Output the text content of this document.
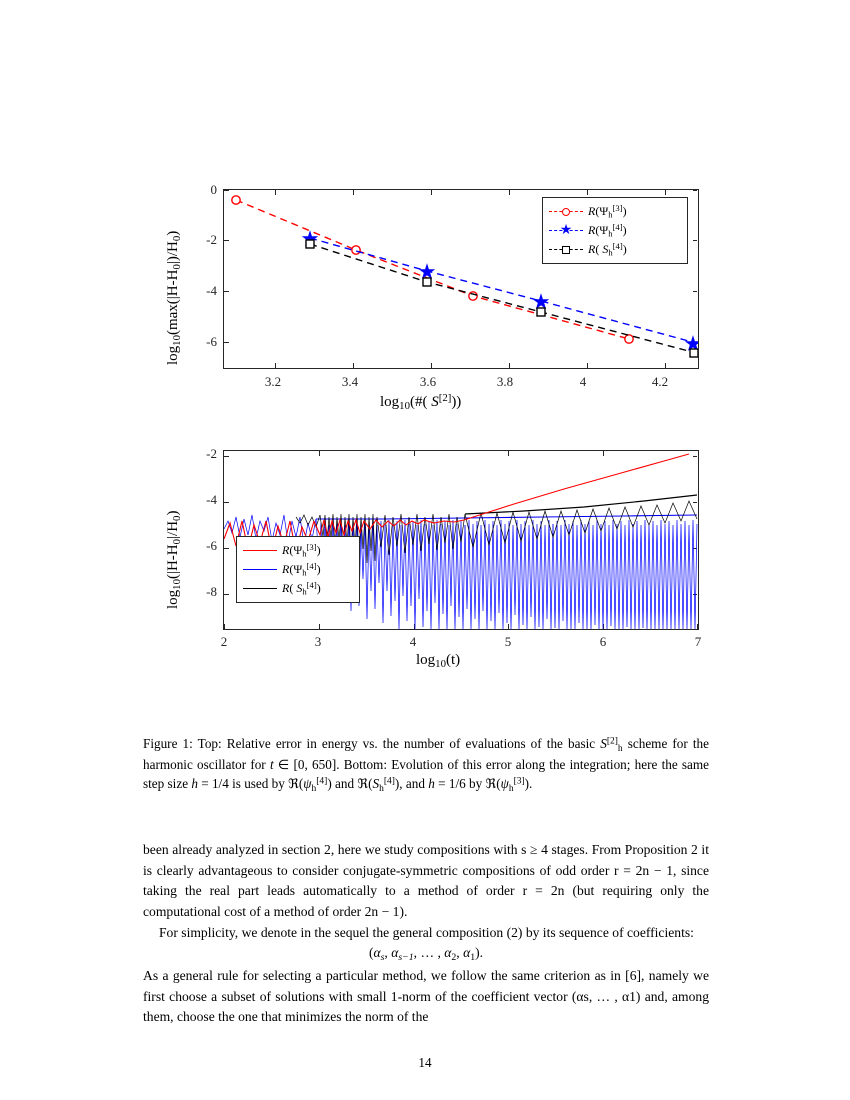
$\log_{10}(\max(|H-H_0|)/H_0)$
0
-2
-4
-6
3.2	3.4	3.6	3.8	4	4.2
$\log_{10}(\#$( S[2]))
$R(\Psi_h[3])$
★ $R(\Psi_h[4])$
R( $S_h[4]$)
$\log_{10}(|H-H_0|/H_0)$
-2
-4
-6
-8
2	3	4	5	6	7
$\log_{10}(t)$
$R(\Psi_h[3])$
$R(\Psi_h[4])$
R( $S_h[4]$)
Figure 1: Top: Relative error in energy vs. the number of evaluations of the basic $S[2]_h$ scheme for the harmonic oscillator for t ∈ [0, 650]. Bottom: Evolution of this error along the integration; here the same step size h = 1/4 is used by $ℜ(\psi_h[4])$ and $ℜ(S_h[4])$, and h = 1/6 by $ℜ(\psi_h[3])$.

been already analyzed in section 2, here we study compositions with s ≥ 4 stages. From Proposition 2 it is clearly advantageous to consider conjugate-symmetric compositions of odd order r = 2n − 1, since taking the real part leads automatically to a method of order r = 2n (but requiring only the computational cost of a method of order 2n − 1).

For simplicity, we denote in the sequel the general composition (2) by its sequence of coefficients:

($\alpha_s$, $\alpha_{s-1}$, … , $\alpha_2$, $\alpha_1$).

As a general rule for selecting a particular method, we follow the same criterion as in [6], namely we first choose a subset of solutions with small 1-norm of the coefficient vector (αs, … , α1) and, among them, choose the one that minimizes the norm of the

14
